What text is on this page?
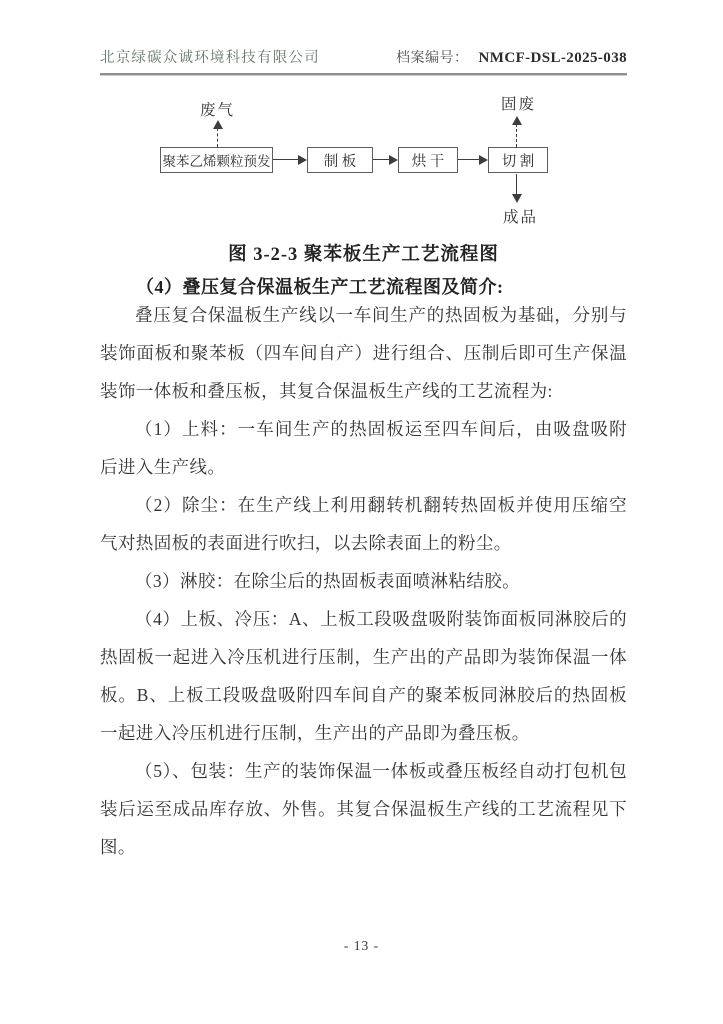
北京绿碳众诚环境科技有限公司	档案编号： NMCF-DSL-2025-038
废气	固废
成品
聚苯乙烯颗粒预发	制 板	烘 干	切 割
图 3-2-3 聚苯板生产工艺流程图
（4）叠压复合保温板生产工艺流程图及简介:

叠压复合保温板生产线以一车间生产的热固板为基础，分别与装饰面板和聚苯板（四车间自产）进行组合、压制后即可生产保温装饰一体板和叠压板，其复合保温板生产线的工艺流程为:

（1）上料：一车间生产的热固板运至四车间后，由吸盘吸附后进入生产线。

（2）除尘：在生产线上利用翻转机翻转热固板并使用压缩空气对热固板的表面进行吹扫，以去除表面上的粉尘。

（3）淋胶：在除尘后的热固板表面喷淋粘结胶。

（4）上板、冷压：A、上板工段吸盘吸附装饰面板同淋胶后的热固板一起进入冷压机进行压制，生产出的产品即为装饰保温一体板。B、上板工段吸盘吸附四车间自产的聚苯板同淋胶后的热固板一起进入冷压机进行压制，生产出的产品即为叠压板。

（5）、包装：生产的装饰保温一体板或叠压板经自动打包机包装后运至成品库存放、外售。其复合保温板生产线的工艺流程见下图。

- 13 -
